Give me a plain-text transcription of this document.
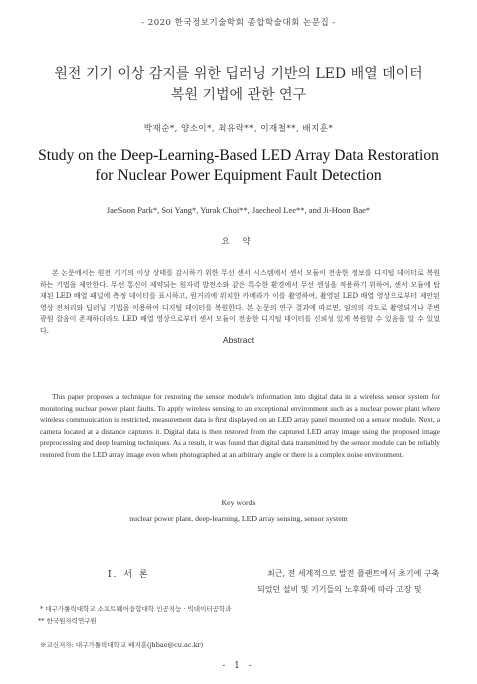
- 2020 한국정보기술학회 종합학술대회 논문집 -
원전 기기 이상 감지를 위한 딥러닝 기반의 LED 배열 데이터
복원 기법에 관한 연구
박재순*, 양소이*, 최유락**, 이재철**, 배지훈*
Study on the Deep-Learning-Based LED Array Data Restoration
for Nuclear Power Equipment Fault Detection
JaeSoon Park*, Soi Yang*, Yurak Choi**, Jaecheol Lee**, and Ji-Hoon Bae*
요 약

본 논문에서는 원전 기기의 이상 상태를 감시하기 위한 무선 센서 시스템에서 센서 모듈이 전송한 정보를 디지털 데이터로 복원하는 기법을 제안한다. 무선 통신이 제약되는 원자력 발전소와 같은 특수한 환경에서 무선 센싱을 적용하기 위하여, 센서 모듈에 탑재된 LED 배열 패널에 측정 데이터를 표시하고, 원거리에 위치한 카메라가 이를 촬영하여, 촬영된 LED 배열 영상으로부터 제안된 영상 전처리와 딥러닝 기법을 이용하여 디지털 데이터를 복원한다. 본 논문의 연구 결과에 따르면, 임의의 각도로 촬영되거나 주변 광원 잡음이 존재하더라도 LED 배열 영상으로부터 센서 모듈이 전송한 디지털 데이터를 신뢰성 있게 복원할 수 있음을 알 수 있었다.

Abstract

This paper proposes a technique for restoring the sensor module's information into digital data in a wireless sensor system for monitoring nuclear power plant faults. To apply wireless sensing to an exceptional environment such as a nuclear power plant where wireless communication is restricted, measurement data is first displayed on an LED array panel mounted on a sensor module. Next, a camera located at a distance captures it. Digital data is then restored from the captured LED array image using the proposed image preprocessing and deep learning techniques. As a result, it was found that digital data transmitted by the sensor module can be reliably restored from the LED array image even when photographed at an arbitrary angle or there is a complex noise environment.

Key words
nuclear power plant, deep-learning, LED array sensing, sensor system
Ⅰ. 서 론	최근, 전 세계적으로 발전 플랜트에서 초기에 구축되었던 설비 및 기기들의 노후화에 따라 고장 및

* 대구가톨릭대학교 소프트웨어융합대학 인공지능 · 빅데이터공학과
** 한국원자력연구원
※교신저자: 대구가톨릭대학교 배지훈(jhbae@cu.ac.kr)
- 1 -
